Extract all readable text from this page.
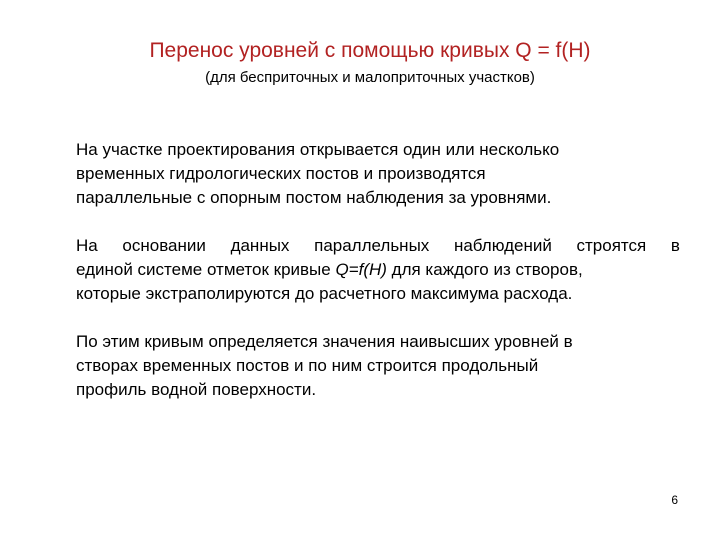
Перенос уровней с помощью кривых Q = f(H)
(для бесприточных и малоприточных участков)
На участке проектирования открывается один или несколько
временных гидрологических постов и производятся
параллельные с опорным постом наблюдения за уровнями.
На основании данных параллельных наблюдений строятся в
единой системе отметок кривые Q=f(H) для каждого из створов,
которые экстраполируются до расчетного максимума расхода.
По этим кривым определяется значения наивысших уровней в
створах временных постов и по ним строится продольный
профиль водной поверхности.
6
